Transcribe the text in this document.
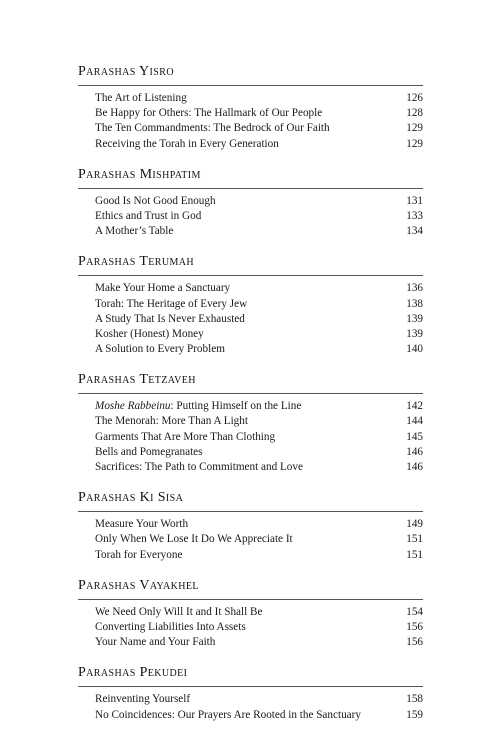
Parashas Yisro
The Art of Listening	126
Be Happy for Others: The Hallmark of Our People	128
The Ten Commandments: The Bedrock of Our Faith	129
Receiving the Torah in Every Generation	129
Parashas Mishpatim
Good Is Not Good Enough	131
Ethics and Trust in God	133
A Mother’s Table	134
Parashas Terumah
Make Your Home a Sanctuary	136
Torah: The Heritage of Every Jew	138
A Study That Is Never Exhausted	139
Kosher (Honest) Money	139
A Solution to Every Problem	140
Parashas Tetzaveh
Moshe Rabbeinu: Putting Himself on the Line	142
The Menorah: More Than A Light	144
Garments That Are More Than Clothing	145
Bells and Pomegranates	146
Sacrifices: The Path to Commitment and Love	146
Parashas Ki Sisa
Measure Your Worth	149
Only When We Lose It Do We Appreciate It	151
Torah for Everyone	151
Parashas Vayakhel
We Need Only Will It and It Shall Be	154
Converting Liabilities Into Assets	156
Your Name and Your Faith	156
Parashas Pekudei
Reinventing Yourself	158
No Coincidences: Our Prayers Are Rooted in the Sanctuary	159
